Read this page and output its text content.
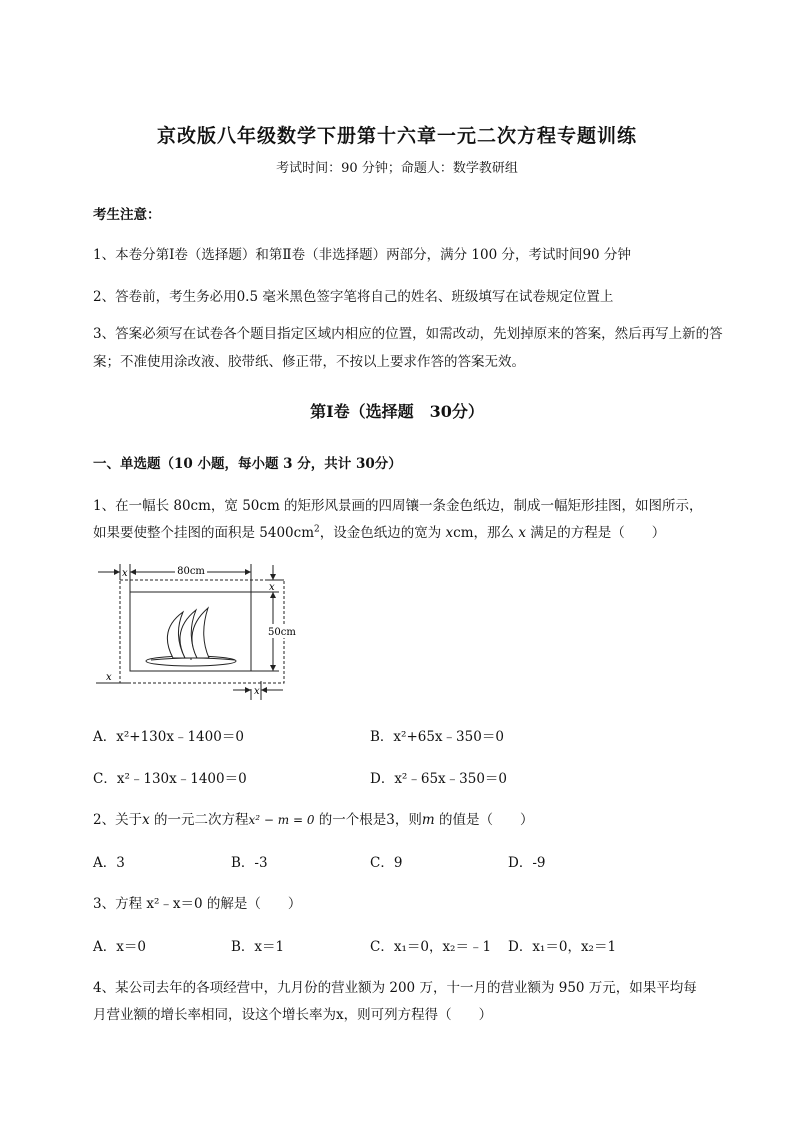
京改版八年级数学下册第十六章一元二次方程专题训练
考试时间：90 分钟；命题人：数学教研组
考生注意：
1、本卷分第Ⅰ卷（选择题）和第Ⅱ卷（非选择题）两部分，满分 100 分，考试时间90 分钟
2、答卷前，考生务必用0.5 毫米黑色签字笔将自己的姓名、班级填写在试卷规定位置上
3、答案必须写在试卷各个题目指定区域内相应的位置，如需改动，先划掉原来的答案，然后再写上新的答案；不准使用涂改液、胶带纸、修正带，不按以上要求作答的答案无效。
第Ⅰ卷（选择题　30分）
一、单选题（10 小题，每小题 3 分，共计 30分）
1、在一幅长 80cm，宽 50cm 的矩形风景画的四周镶一条金色纸边，制成一幅矩形挂图，如图所示，
如果要使整个挂图的面积是 $5400cm^2$，设金色纸边的宽为 xcm，那么 x 满足的方程是（　　）
x	80cm
x
50cm
x
x
A．x²+130x﹣1400＝0	B．x²+65x﹣350＝0
C．x²﹣130x﹣1400＝0	D．x²﹣65x﹣350＝0
2、关于x 的一元二次方程x² − m = 0 的一个根是3，则m 的值是（　　）
A．3	B．-3	C．9	D．-9
3、方程 x²﹣x＝0 的解是（　　）
A．x＝0	B．x＝1	C．x₁＝0，x₂＝﹣1 D．x₁＝0，x₂＝1
4、某公司去年的各项经营中，九月份的营业额为 200 万，十一月的营业额为 950 万元，如果平均每
月营业额的增长率相同，设这个增长率为x，则可列方程得（　　）
